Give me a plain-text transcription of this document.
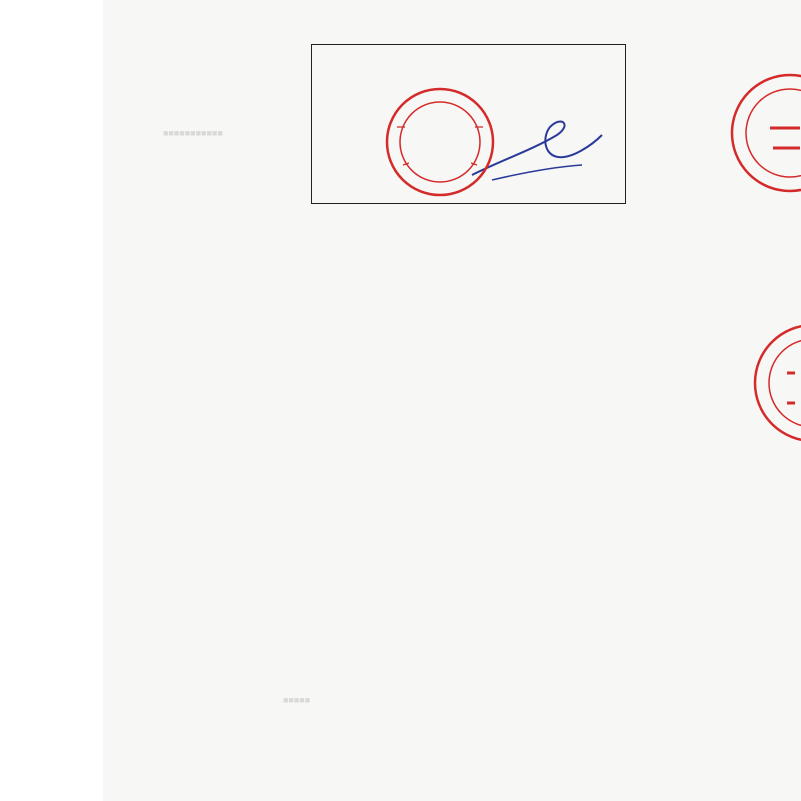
■■■■■■■■■■■

■■■■■
